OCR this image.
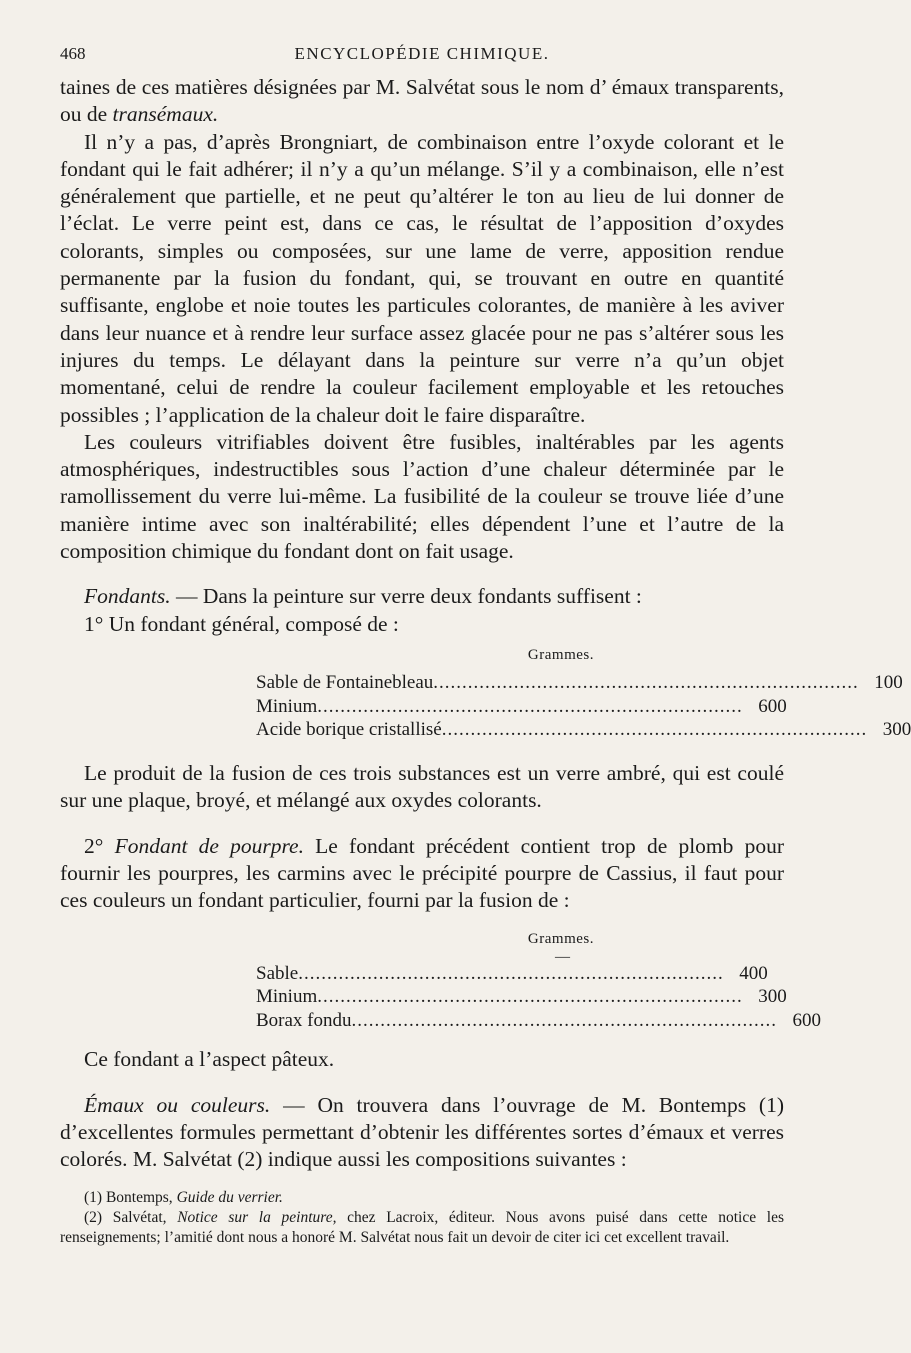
468	ENCYCLOPÉDIE CHIMIQUE.

taines de ces matières désignées par M. Salvétat sous le nom d’ émaux transparents, ou de transémaux.

Il n’y a pas, d’après Brongniart, de combinaison entre l’oxyde colorant et le fondant qui le fait adhérer; il n’y a qu’un mélange. S’il y a combinaison, elle n’est généralement que partielle, et ne peut qu’altérer le ton au lieu de lui donner de l’éclat. Le verre peint est, dans ce cas, le résultat de l’apposition d’oxydes colorants, simples ou composées, sur une lame de verre, apposition rendue permanente par la fusion du fondant, qui, se trouvant en outre en quantité suffisante, englobe et noie toutes les particules colorantes, de manière à les aviver dans leur nuance et à rendre leur surface assez glacée pour ne pas s’altérer sous les injures du temps. Le délayant dans la peinture sur verre n’a qu’un objet momentané, celui de rendre la couleur facilement employable et les retouches possibles ; l’application de la chaleur doit le faire disparaître.

Les couleurs vitrifiables doivent être fusibles, inaltérables par les agents atmosphériques, indestructibles sous l’action d’une chaleur déterminée par le ramollissement du verre lui-même. La fusibilité de la couleur se trouve liée d’une manière intime avec son inaltérabilité; elles dépendent l’une et l’autre de la composition chimique du fondant dont on fait usage.

Fondants. — Dans la peinture sur verre deux fondants suffisent :

1° Un fondant général, composé de :

Grammes.
Sable de Fontainebleau .......................................................................... 100
Minium .......................................................................... 600
Acide borique cristallisé .......................................................................... 300

Le produit de la fusion de ces trois substances est un verre ambré, qui est coulé sur une plaque, broyé, et mélangé aux oxydes colorants.

2° Fondant de pourpre. Le fondant précédent contient trop de plomb pour fournir les pourpres, les carmins avec le précipité pourpre de Cassius, il faut pour ces couleurs un fondant particulier, fourni par la fusion de :

Grammes.
—
Sable .......................................................................... 400
Minium .......................................................................... 300
Borax fondu .......................................................................... 600

Ce fondant a l’aspect pâteux.

Émaux ou couleurs. — On trouvera dans l’ouvrage de M. Bontemps (1) d’excellentes formules permettant d’obtenir les différentes sortes d’émaux et verres colorés. M. Salvétat (2) indique aussi les compositions suivantes :

(1) Bontemps, Guide du verrier.

(2) Salvétat, Notice sur la peinture, chez Lacroix, éditeur. Nous avons puisé dans cette notice les renseignements; l’amitié dont nous a honoré M. Salvétat nous fait un devoir de citer ici cet excellent travail.
